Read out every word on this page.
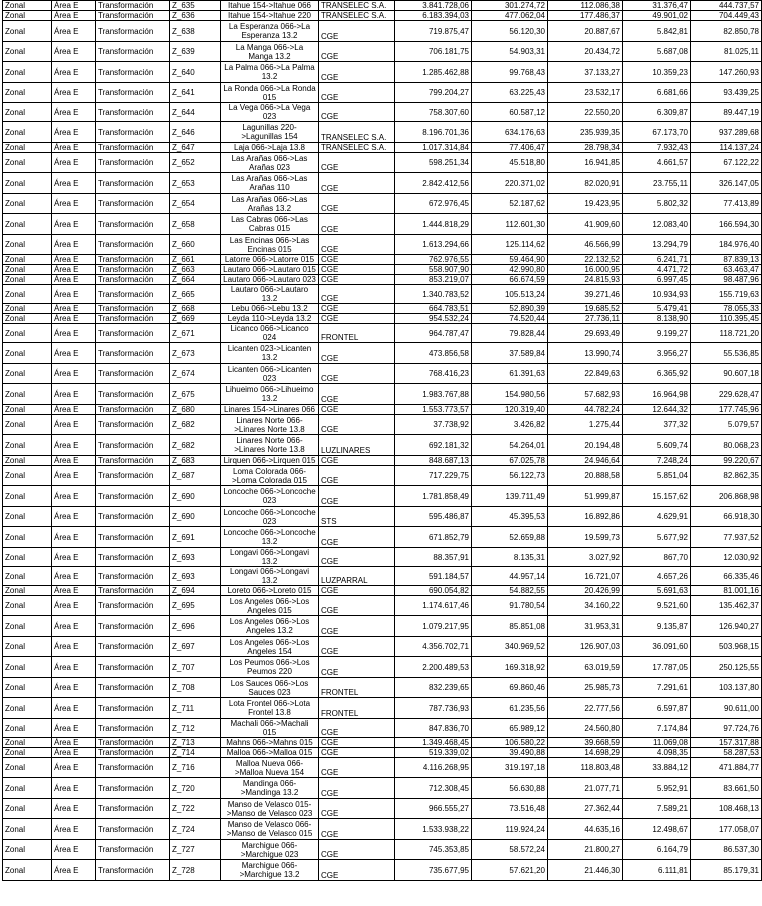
Zonal	Área E	Transformación	Z_635	Itahue 154->Itahue 066	TRANSELEC S.A.	3.841.728,06	301.274,72	112.086,38	31.376,47	444.737,57
Zonal	Área E	Transformación	Z_636	Itahue 154->Itahue 220	TRANSELEC S.A.	6.183.394,03	477.062,04	177.486,37	49.901,02	704.449,43
Zonal	Área E	Transformación	Z_638	La Esperanza 066->La Esperanza 13.2	CGE	719.875,47	56.120,30	20.887,67	5.842,81	82.850,78
Zonal	Área E	Transformación	Z_639	La Manga 066->La Manga 13.2	CGE	706.181,75	54.903,31	20.434,72	5.687,08	81.025,11
Zonal	Área E	Transformación	Z_640	La Palma 066->La Palma 13.2	CGE	1.285.462,88	99.768,43	37.133,27	10.359,23	147.260,93
Zonal	Área E	Transformación	Z_641	La Ronda 066->La Ronda 015	CGE	799.204,27	63.225,43	23.532,17	6.681,66	93.439,25
Zonal	Área E	Transformación	Z_644	La Vega 066->La Vega 023	CGE	758.307,60	60.587,12	22.550,20	6.309,87	89.447,19
Zonal	Área E	Transformación	Z_646	Lagunillas 220->Lagunillas 154	TRANSELEC S.A.	8.196.701,36	634.176,63	235.939,35	67.173,70	937.289,68
Zonal	Área E	Transformación	Z_647	Laja 066->Laja 13.8	TRANSELEC S.A.	1.017.314,84	77.406,47	28.798,34	7.932,43	114.137,24
Zonal	Área E	Transformación	Z_652	Las Arañas 066->Las Arañas 023	CGE	598.251,34	45.518,80	16.941,85	4.661,57	67.122,22
Zonal	Área E	Transformación	Z_653	Las Arañas 066->Las Arañas 110	CGE	2.842.412,56	220.371,02	82.020,91	23.755,11	326.147,05
Zonal	Área E	Transformación	Z_654	Las Arañas 066->Las Arañas 13.2	CGE	672.976,45	52.187,62	19.423,95	5.802,32	77.413,89
Zonal	Área E	Transformación	Z_658	Las Cabras 066->Las Cabras 015	CGE	1.444.818,29	112.601,30	41.909,60	12.083,40	166.594,30
Zonal	Área E	Transformación	Z_660	Las Encinas 066->Las Encinas 015	CGE	1.613.294,66	125.114,62	46.566,99	13.294,79	184.976,40
Zonal	Área E	Transformación	Z_661	Latorre 066->Latorre 015	CGE	762.976,55	59.464,90	22.132,52	6.241,71	87.839,13
Zonal	Área E	Transformación	Z_663	Lautaro 066->Lautaro 015	CGE	558.907,90	42.990,80	16.000,95	4.471,72	63.463,47
Zonal	Área E	Transformación	Z_664	Lautaro 066->Lautaro 023	CGE	853.219,07	66.674,59	24.815,93	6.997,45	98.487,96
Zonal	Área E	Transformación	Z_665	Lautaro 066->Lautaro 13.2	CGE	1.340.783,52	105.513,24	39.271,46	10.934,93	155.719,63
Zonal	Área E	Transformación	Z_668	Lebu 066->Lebu 13.2	CGE	664.783,51	52.890,39	19.685,52	5.479,41	78.055,33
Zonal	Área E	Transformación	Z_669	Leyda 110->Leyda 13.2	CGE	954.532,24	74.520,44	27.736,11	8.138,90	110.395,45
Zonal	Área E	Transformación	Z_671	Licanco 066->Licanco 024	FRONTEL	964.787,47	79.828,44	29.693,49	9.199,27	118.721,20
Zonal	Área E	Transformación	Z_673	Licanten 023->Licanten 13.2	CGE	473.856,58	37.589,84	13.990,74	3.956,27	55.536,85
Zonal	Área E	Transformación	Z_674	Licanten 066->Licanten 023	CGE	768.416,23	61.391,63	22.849,63	6.365,92	90.607,18
Zonal	Área E	Transformación	Z_675	Lihueimo 066->Lihueimo 13.2	CGE	1.983.767,88	154.980,56	57.682,93	16.964,98	229.628,47
Zonal	Área E	Transformación	Z_680	Linares 154->Linares 066	CGE	1.553.773,57	120.319,40	44.782,24	12.644,32	177.745,96
Zonal	Área E	Transformación	Z_682	Linares Norte 066->Linares Norte 13.8	CGE	37.738,92	3.426,82	1.275,44	377,32	5.079,57
Zonal	Área E	Transformación	Z_682	Linares Norte 066->Linares Norte 13.8	LUZLINARES	692.181,32	54.264,01	20.194,48	5.609,74	80.068,23
Zonal	Área E	Transformación	Z_683	Lirquen 066->Lirquen 015	CGE	848.687,13	67.025,78	24.946,64	7.248,24	99.220,67
Zonal	Área E	Transformación	Z_687	Loma Colorada 066->Loma Colorada 015	CGE	717.229,75	56.122,73	20.888,58	5.851,04	82.862,35
Zonal	Área E	Transformación	Z_690	Loncoche 066->Loncoche 023	CGE	1.781.858,49	139.711,49	51.999,87	15.157,62	206.868,98
Zonal	Área E	Transformación	Z_690	Loncoche 066->Loncoche 023	STS	595.486,87	45.395,53	16.892,86	4.629,91	66.918,30
Zonal	Área E	Transformación	Z_691	Loncoche 066->Loncoche 13.2	CGE	671.852,79	52.659,88	19.599,73	5.677,92	77.937,52
Zonal	Área E	Transformación	Z_693	Longavi 066->Longavi 13.2	CGE	88.357,91	8.135,31	3.027,92	867,70	12.030,92
Zonal	Área E	Transformación	Z_693	Longavi 066->Longavi 13.2	LUZPARRAL	591.184,57	44.957,14	16.721,07	4.657,26	66.335,46
Zonal	Área E	Transformación	Z_694	Loreto 066->Loreto 015	CGE	690.054,82	54.882,55	20.426,99	5.691,63	81.001,16
Zonal	Área E	Transformación	Z_695	Los Angeles 066->Los Angeles 015	CGE	1.174.617,46	91.780,54	34.160,22	9.521,60	135.462,37
Zonal	Área E	Transformación	Z_696	Los Angeles 066->Los Angeles 13.2	CGE	1.079.217,95	85.851,08	31.953,31	9.135,87	126.940,27
Zonal	Área E	Transformación	Z_697	Los Angeles 066->Los Angeles 154	CGE	4.356.702,71	340.969,52	126.907,03	36.091,60	503.968,15
Zonal	Área E	Transformación	Z_707	Los Peumos 066->Los Peumos 220	CGE	2.200.489,53	169.318,92	63.019,59	17.787,05	250.125,55
Zonal	Área E	Transformación	Z_708	Los Sauces 066->Los Sauces 023	FRONTEL	832.239,65	69.860,46	25.985,73	7.291,61	103.137,80
Zonal	Área E	Transformación	Z_711	Lota Frontel 066->Lota Frontel 13.8	FRONTEL	787.736,93	61.235,56	22.777,56	6.597,87	90.611,00
Zonal	Área E	Transformación	Z_712	Machali 066->Machali 015	CGE	847.836,70	65.989,12	24.560,80	7.174,84	97.724,76
Zonal	Área E	Transformación	Z_713	Mahns 066->Mahns 015	CGE	1.349.468,45	106.580,22	39.668,59	11.069,08	157.317,88
Zonal	Área E	Transformación	Z_714	Malloa 066->Malloa 015	CGE	519.339,02	39.490,88	14.698,29	4.098,35	58.287,53
Zonal	Área E	Transformación	Z_716	Malloa Nueva 066->Malloa Nueva 154	CGE	4.116.268,95	319.197,18	118.803,48	33.884,12	471.884,77
Zonal	Área E	Transformación	Z_720	Mandinga 066->Mandinga 13.2	CGE	712.308,45	56.630,88	21.077,71	5.952,91	83.661,50
Zonal	Área E	Transformación	Z_722	Manso de Velasco 015->Manso de Velasco 023	CGE	966.555,27	73.516,48	27.362,44	7.589,21	108.468,13
Zonal	Área E	Transformación	Z_724	Manso de Velasco 066->Manso de Velasco 015	CGE	1.533.938,22	119.924,24	44.635,16	12.498,67	177.058,07
Zonal	Área E	Transformación	Z_727	Marchigue 066->Marchigue 023	CGE	745.353,85	58.572,24	21.800,27	6.164,79	86.537,30
Zonal	Área E	Transformación	Z_728	Marchigue 066->Marchigue 13.2	CGE	735.677,95	57.621,20	21.446,30	6.111,81	85.179,31
